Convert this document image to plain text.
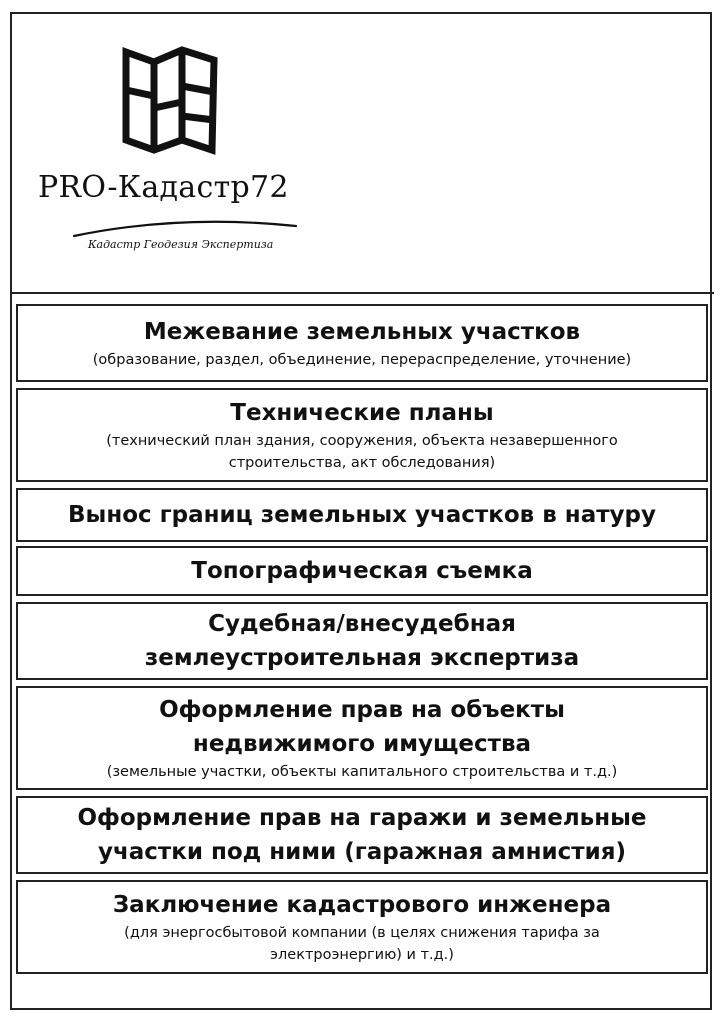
PRO-Кадастр72
Кадастр Геодезия Экспертиза
Межевание земельных участков
(образование, раздел, объединение, перераспределение, уточнение)
Технические планы
(технический план здания, сооружения, объекта незавершенного строительства, акт обследования)
Вынос границ земельных участков в натуру
Топографическая съемка
Судебная/внесудебная землеустроительная экспертиза
Оформление прав на объекты недвижимого имущества
(земельные участки, объекты капитального строительства и т.д.)
Оформление прав на гаражи и земельные участки под ними (гаражная амнистия)
Заключение кадастрового инженера
(для энергосбытовой компании (в целях снижения тарифа за электроэнергию) и т.д.)
